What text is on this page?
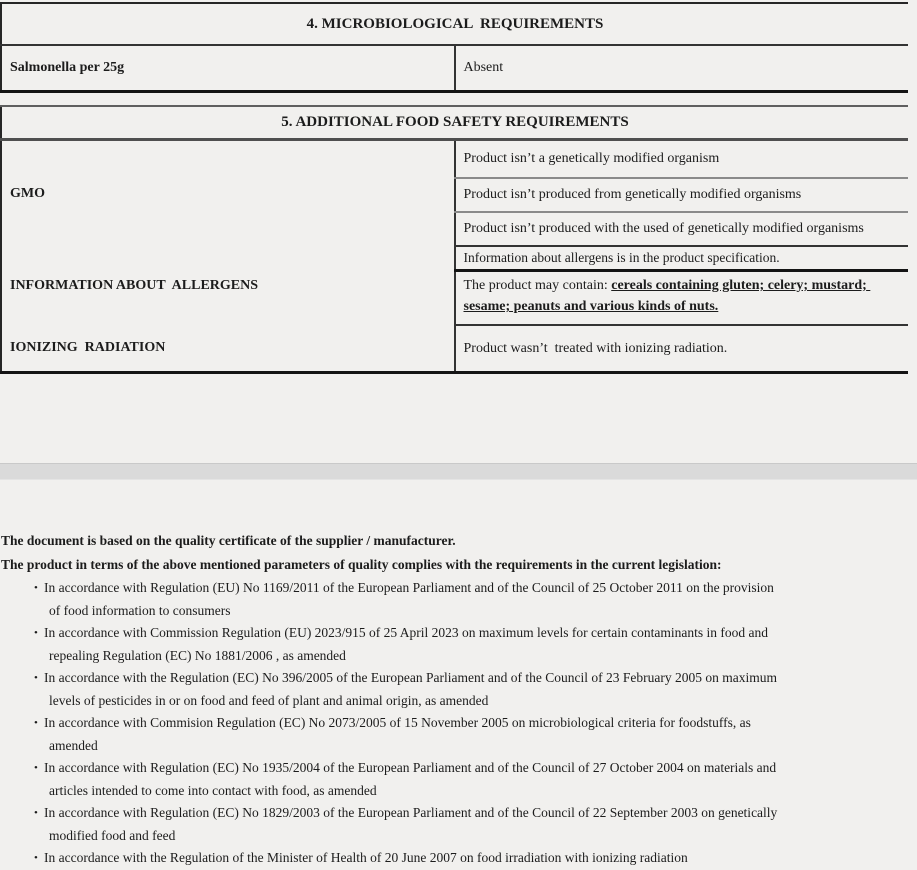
4. MICROBIOLOGICAL  REQUIREMENTS
Salmonella per 25g	Absent
5. ADDITIONAL FOOD SAFETY REQUIREMENTS	
GMO	Product isn’t a genetically modified organism
	Product isn’t produced from genetically modified organisms
	Product isn’t produced with the used of genetically modified organisms
INFORMATION ABOUT  ALLERGENS	Information about allergens is in the product specification.
	The product may contain: cereals containing gluten; celery; mustard; sesame; peanuts and various kinds of nuts.
IONIZING  RADIATION	Product wasn’t  treated with ionizing radiation.

The document is based on the quality certificate of the supplier / manufacturer.

The product in terms of the above mentioned parameters of quality complies with the requirements in the current legislation:

• In accordance with Regulation (EU) No 1169/2011 of the European Parliament and of the Council of 25 October 2011 on the provision
of food information to consumers
• In accordance with Commission Regulation (EU) 2023/915 of 25 April 2023 on maximum levels for certain contaminants in food and
repealing Regulation (EC) No 1881/2006 , as amended
• In accordance with the Regulation (EC) No 396/2005 of the European Parliament and of the Council of 23 February 2005 on maximum
levels of pesticides in or on food and feed of plant and animal origin, as amended
• In accordance with Commision Regulation (EC) No 2073/2005 of 15 November 2005 on microbiological criteria for foodstuffs, as
amended
• In accordance with Regulation (EC) No 1935/2004 of the European Parliament and of the Council of 27 October 2004 on materials and
articles intended to come into contact with food, as amended
• In accordance with Regulation (EC) No 1829/2003 of the European Parliament and of the Council of 22 September 2003 on genetically
modified food and feed
• In accordance with the Regulation of the Minister of Health of 20 June 2007 on food irradiation with ionizing radiation
